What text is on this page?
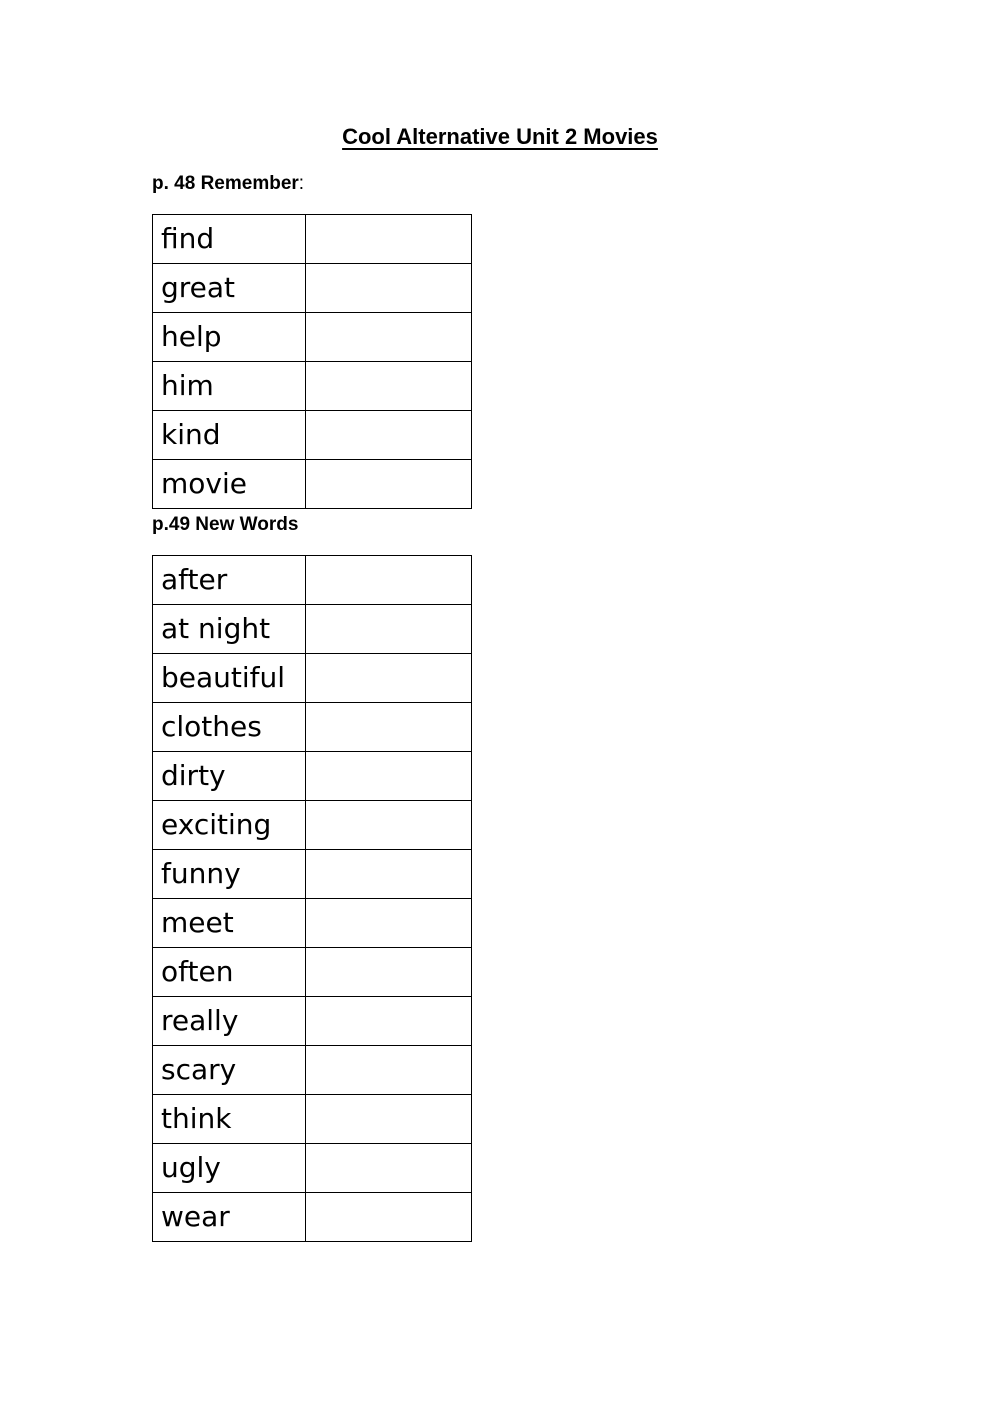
Cool Alternative Unit 2 Movies
p. 48 Remember:
find	
great	
help	
him	
kind	
movie	
p.49 New Words
after	
at night	
beautiful	
clothes	
dirty	
exciting	
funny	
meet	
often	
really	
scary	
think	
ugly	
wear	
